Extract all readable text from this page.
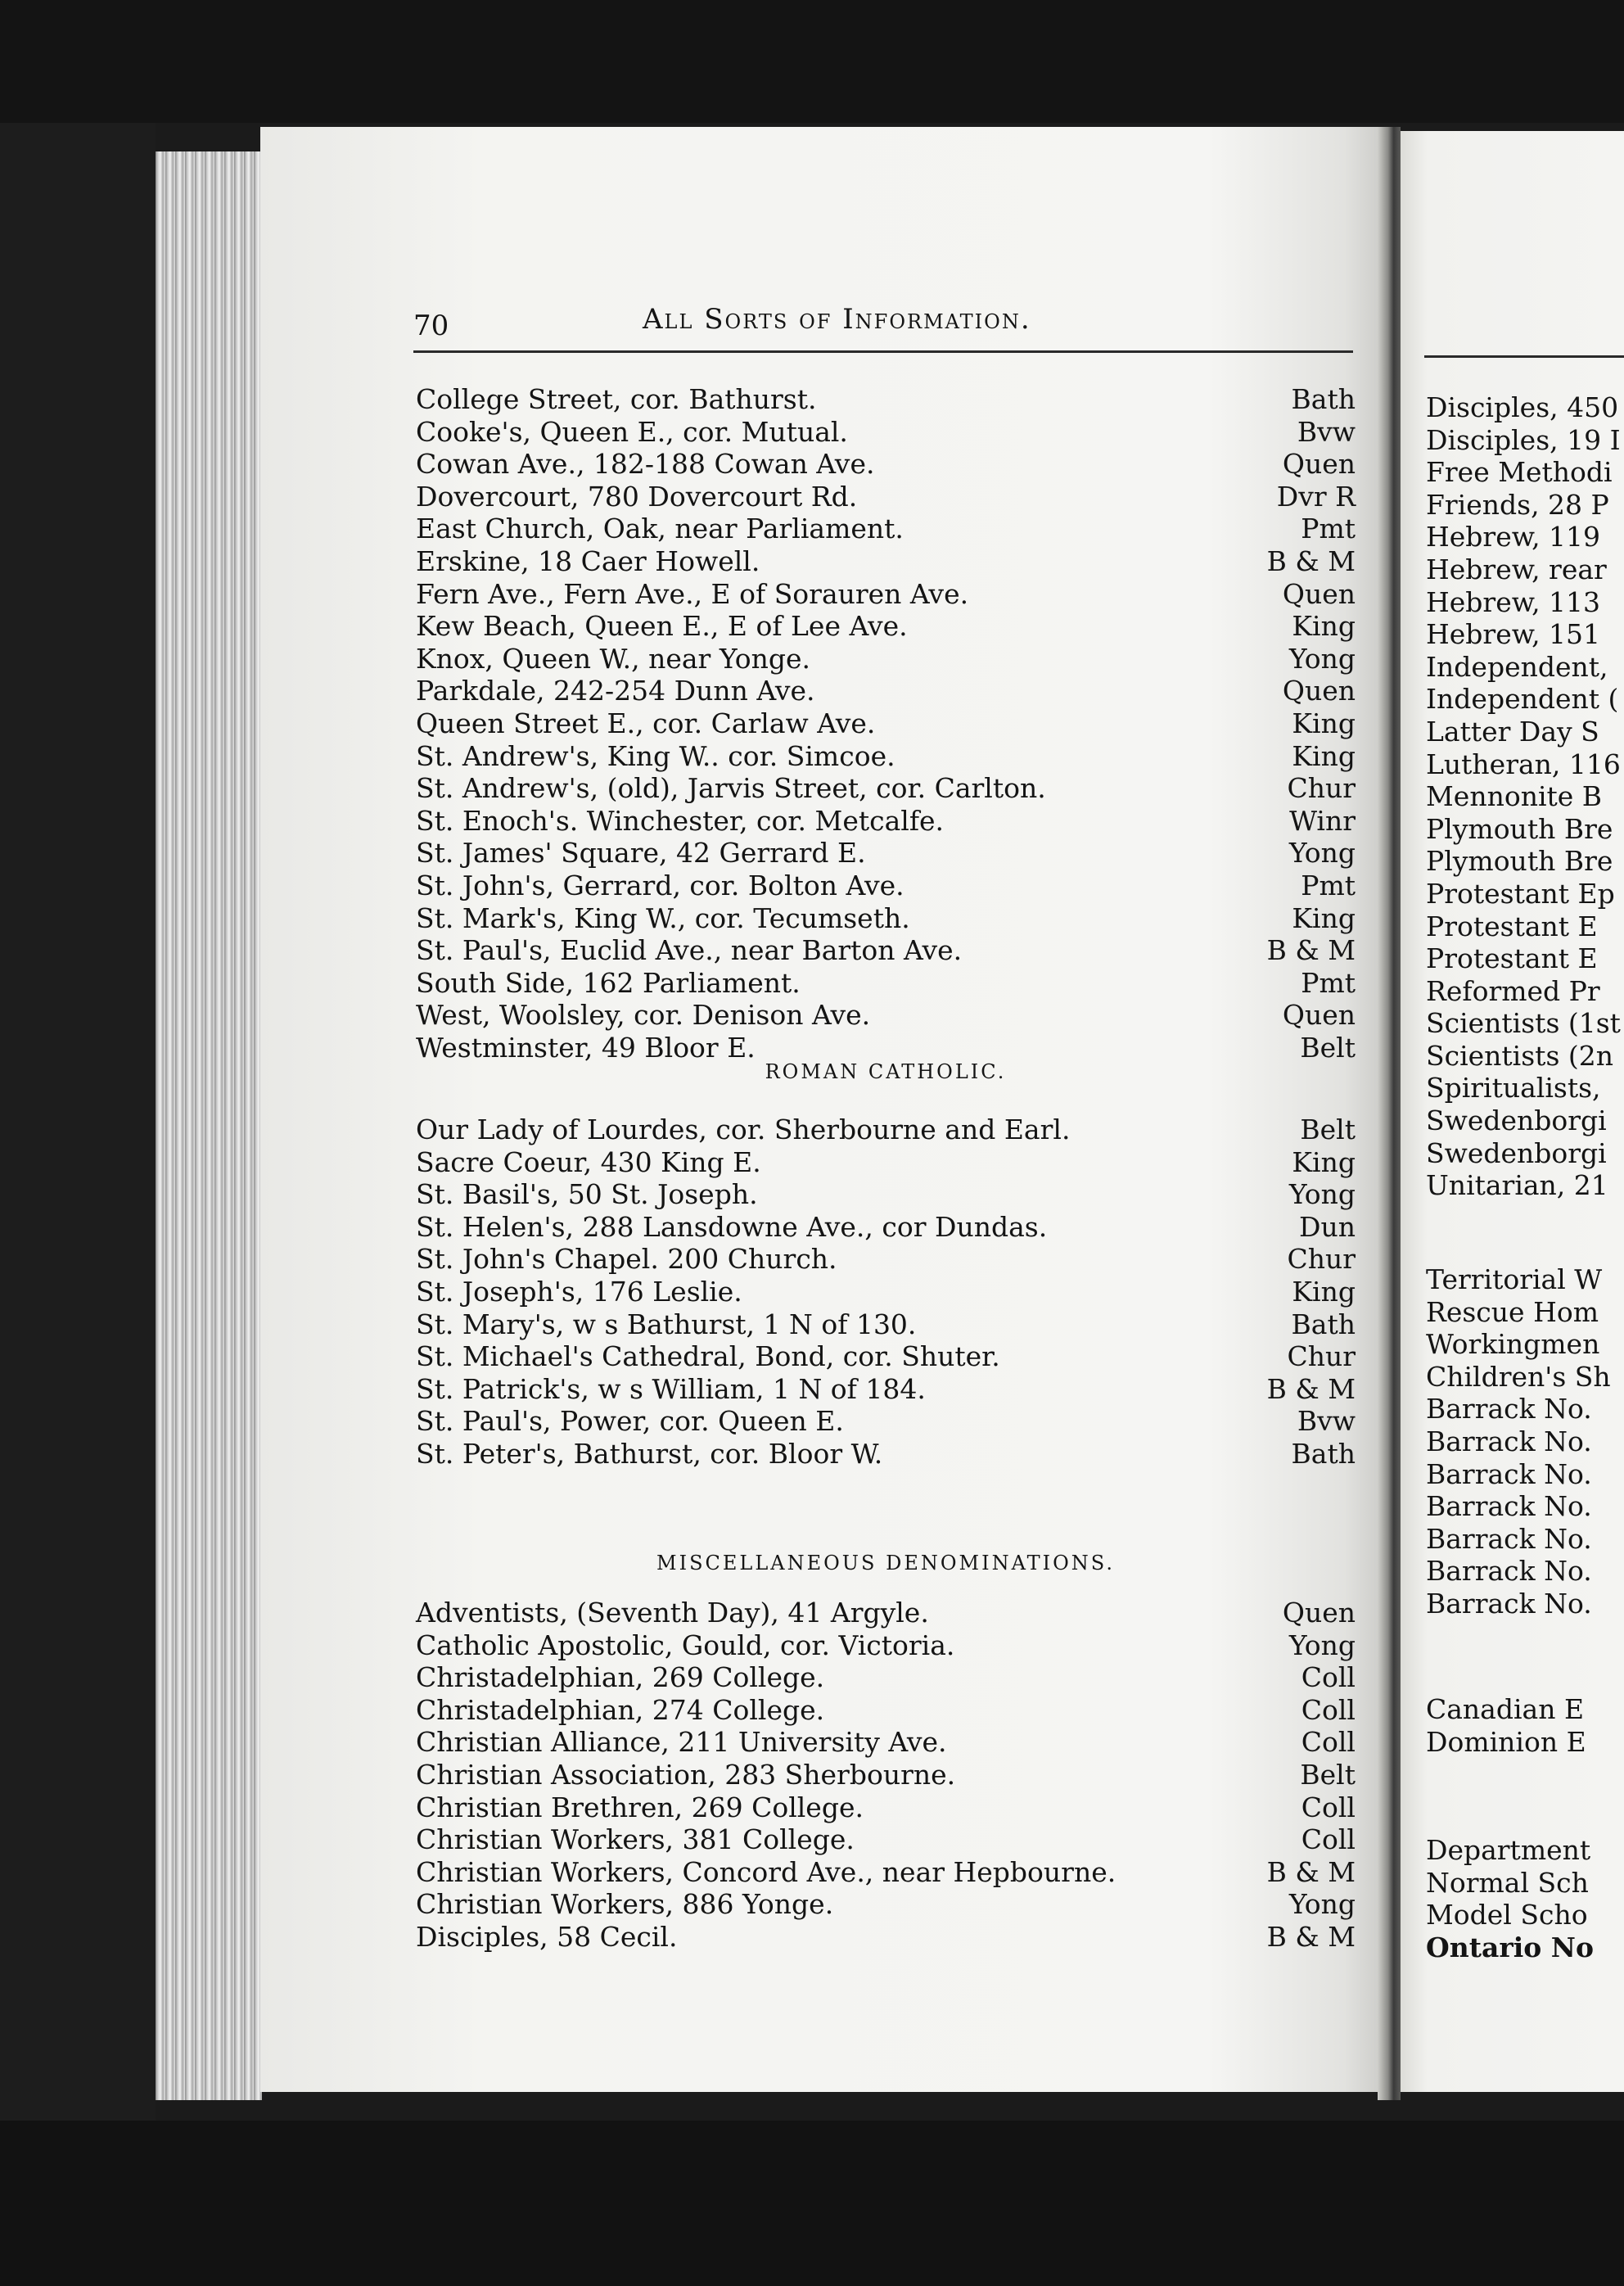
70	All Sorts of Information.
College Street, cor. Bathurst.	Bath
Cooke's, Queen E., cor. Mutual.	Bvw
Cowan Ave., 182-188 Cowan Ave.	Quen
Dovercourt, 780 Dovercourt Rd.	Dvr R
East Church, Oak, near Parliament.	Pmt
Erskine, 18 Caer Howell.	B & M
Fern Ave., Fern Ave., E of Sorauren Ave.	Quen
Kew Beach, Queen E., E of Lee Ave.	King
Knox, Queen W., near Yonge.	Yong
Parkdale, 242-254 Dunn Ave.	Quen
Queen Street E., cor. Carlaw Ave.	King
St. Andrew's, King W.. cor. Simcoe.	King
St. Andrew's, (old), Jarvis Street, cor. Carlton.	Chur
St. Enoch's. Winchester, cor. Metcalfe.	Winr
St. James' Square, 42 Gerrard E.	Yong
St. John's, Gerrard, cor. Bolton Ave.	Pmt
St. Mark's, King W., cor. Tecumseth.	King
St. Paul's, Euclid Ave., near Barton Ave.	B & M
South Side, 162 Parliament.	Pmt
West, Woolsley, cor. Denison Ave.	Quen
Westminster, 49 Bloor E.	Belt
ROMAN CATHOLIC.
Our Lady of Lourdes, cor. Sherbourne and Earl.	Belt
Sacre Coeur, 430 King E.	King
St. Basil's, 50 St. Joseph.	Yong
St. Helen's, 288 Lansdowne Ave., cor Dundas.	Dun
St. John's Chapel. 200 Church.	Chur
St. Joseph's, 176 Leslie.	King
St. Mary's, w s Bathurst, 1 N of 130.	Bath
St. Michael's Cathedral, Bond, cor. Shuter.	Chur
St. Patrick's, w s William, 1 N of 184.	B & M
St. Paul's, Power, cor. Queen E.	Bvw
St. Peter's, Bathurst, cor. Bloor W.	Bath
MISCELLANEOUS DENOMINATIONS.
Adventists, (Seventh Day), 41 Argyle.	Quen
Catholic Apostolic, Gould, cor. Victoria.	Yong
Christadelphian, 269 College.	Coll
Christadelphian, 274 College.	Coll
Christian Alliance, 211 University Ave.	Coll
Christian Association, 283 Sherbourne.	Belt
Christian Brethren, 269 College.	Coll
Christian Workers, 381 College.	Coll
Christian Workers, Concord Ave., near Hepbourne.	B & M
Christian Workers, 886 Yonge.	Yong
Disciples, 58 Cecil.	B & M
Disciples, 450
Disciples, 19 I
Free Methodi
Friends, 28 P
Hebrew, 119
Hebrew, rear
Hebrew, 113
Hebrew, 151
Independent,
Independent (
Latter Day S
Lutheran, 116
Mennonite B
Plymouth Bre
Plymouth Bre
Protestant Ep
Protestant E
Protestant E
Reformed Pr
Scientists (1st
Scientists (2n
Spiritualists,
Swedenborgi
Swedenborgi
Unitarian, 21
Territorial W
Rescue Hom
Workingmen
Children's Sh
Barrack No.
Barrack No.
Barrack No.
Barrack No.
Barrack No.
Barrack No.
Barrack No.
Canadian E
Dominion E
Department
Normal Sch
Model Scho
Ontario No
